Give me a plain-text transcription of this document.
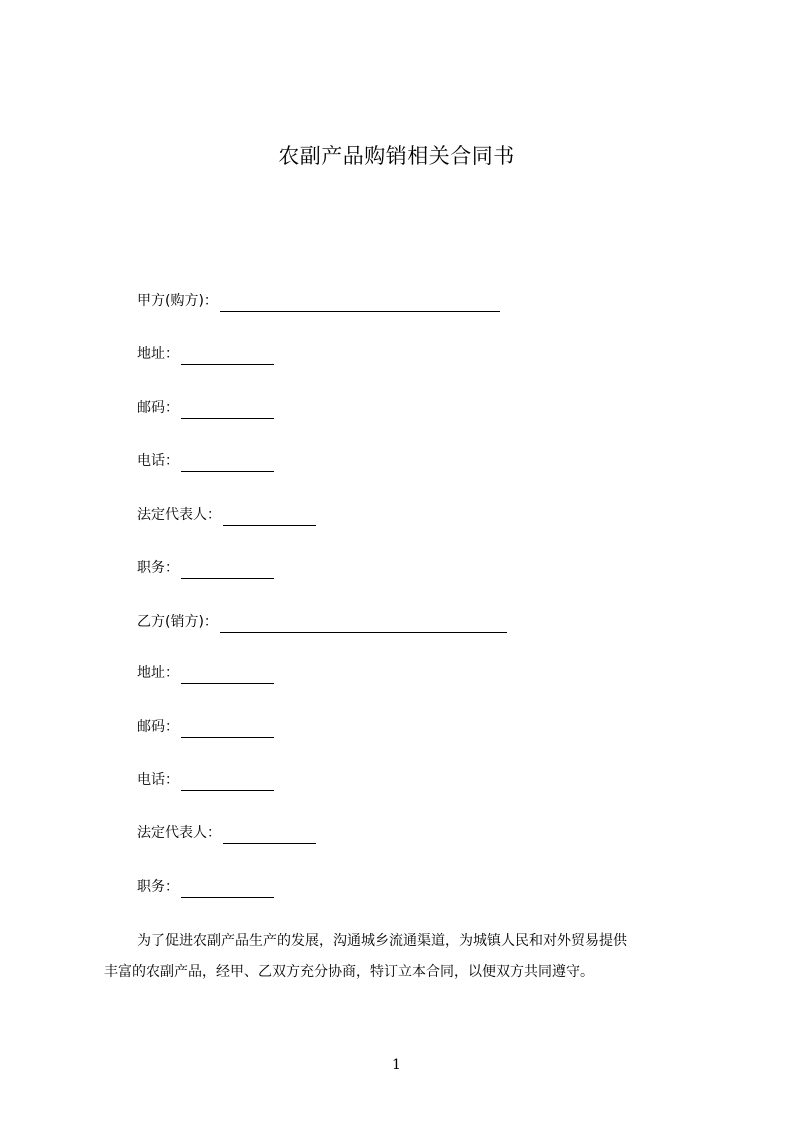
农副产品购销相关合同书
甲方(购方)：
地址：
邮码：
电话：
法定代表人：
职务：
乙方(销方)：
地址：
邮码：
电话：
法定代表人：
职务：
为了促进农副产品生产的发展，沟通城乡流通渠道，为城镇人民和对外贸易提供
丰富的农副产品，经甲、乙双方充分协商，特订立本合同，以便双方共同遵守。
1
